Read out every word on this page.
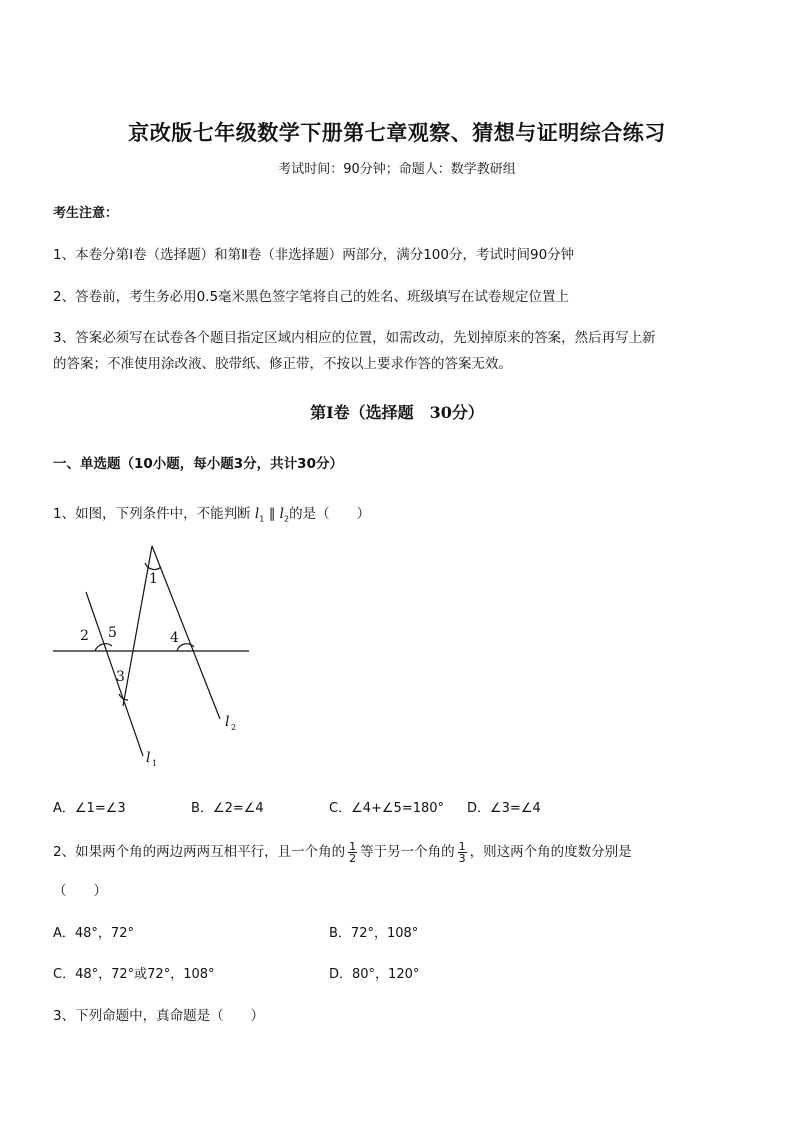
京改版七年级数学下册第七章观察、猜想与证明综合练习
考试时间：90分钟；命题人：数学教研组
考生注意：
1、本卷分第Ⅰ卷（选择题）和第Ⅱ卷（非选择题）两部分，满分100分，考试时间90分钟
2、答卷前，考生务必用0.5毫米黑色签字笔将自己的姓名、班级填写在试卷规定位置上
3、答案必须写在试卷各个题目指定区域内相应的位置，如需改动，先划掉原来的答案，然后再写上新
的答案；不准使用涂改液、胶带纸、修正带，不按以上要求作答的答案无效。
第Ⅰ卷（选择题　30分）
一、单选题（10小题，每小题3分，共计30分）
1、如图，下列条件中，不能判断 $l_1$ ∥ $l_2$的是（　　）
1
2 5	4
3
l 2
l 1
A．∠1=∠3	B．∠2=∠4	C．∠4+∠5=180° D．∠3=∠4
2、如果两个角的两边两两互相平行，且一个角的 $\frac{1}{2}$ 等于另一个角的 $\frac{1}{3}$ ，则这两个角的度数分别是
（　　）
A．48°，72°	B．72°，108°
C．48°，72°或72°，108°	D．80°，120°
3、下列命题中，真命题是（　　）
